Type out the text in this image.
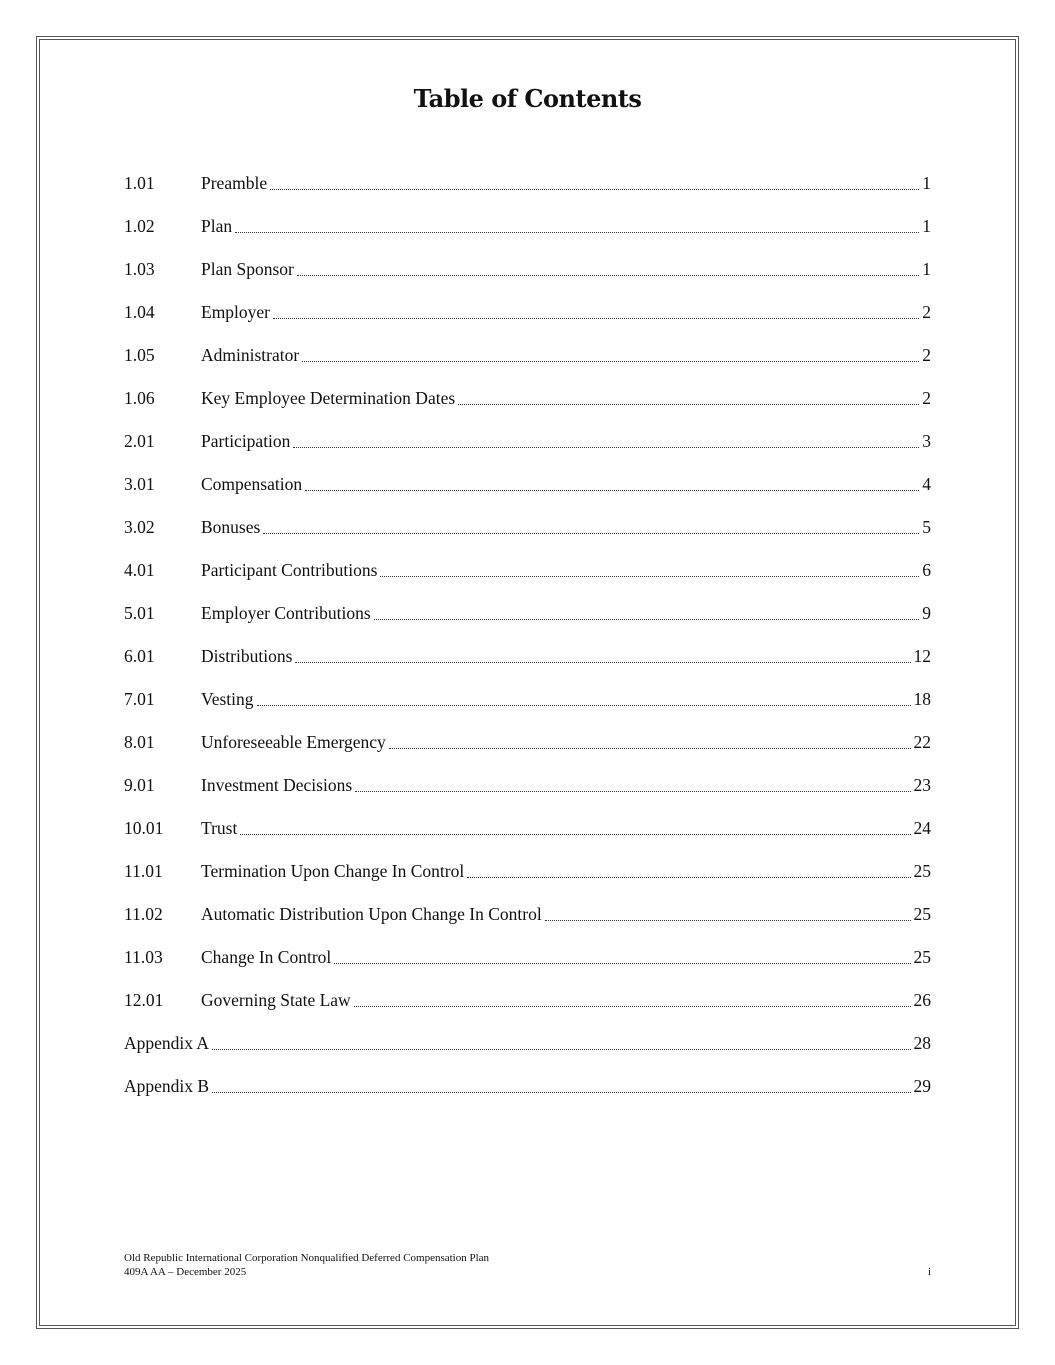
Table of Contents
1.01	Preamble	1
1.02	Plan	1
1.03	Plan Sponsor	1
1.04	Employer	2
1.05	Administrator	2
1.06	Key Employee Determination Dates	2
2.01	Participation	3
3.01	Compensation	4
3.02	Bonuses	5
4.01	Participant Contributions	6
5.01	Employer Contributions	9
6.01	Distributions	12
7.01	Vesting	18
8.01	Unforeseeable Emergency	22
9.01	Investment Decisions	23
10.01	Trust	24
11.01	Termination Upon Change In Control	25
11.02	Automatic Distribution Upon Change In Control	25
11.03	Change In Control	25
12.01	Governing State Law	26
Appendix A	28
Appendix B	29
Old Republic International Corporation Nonqualified Deferred Compensation Plan
409A AA – December 2025	i
